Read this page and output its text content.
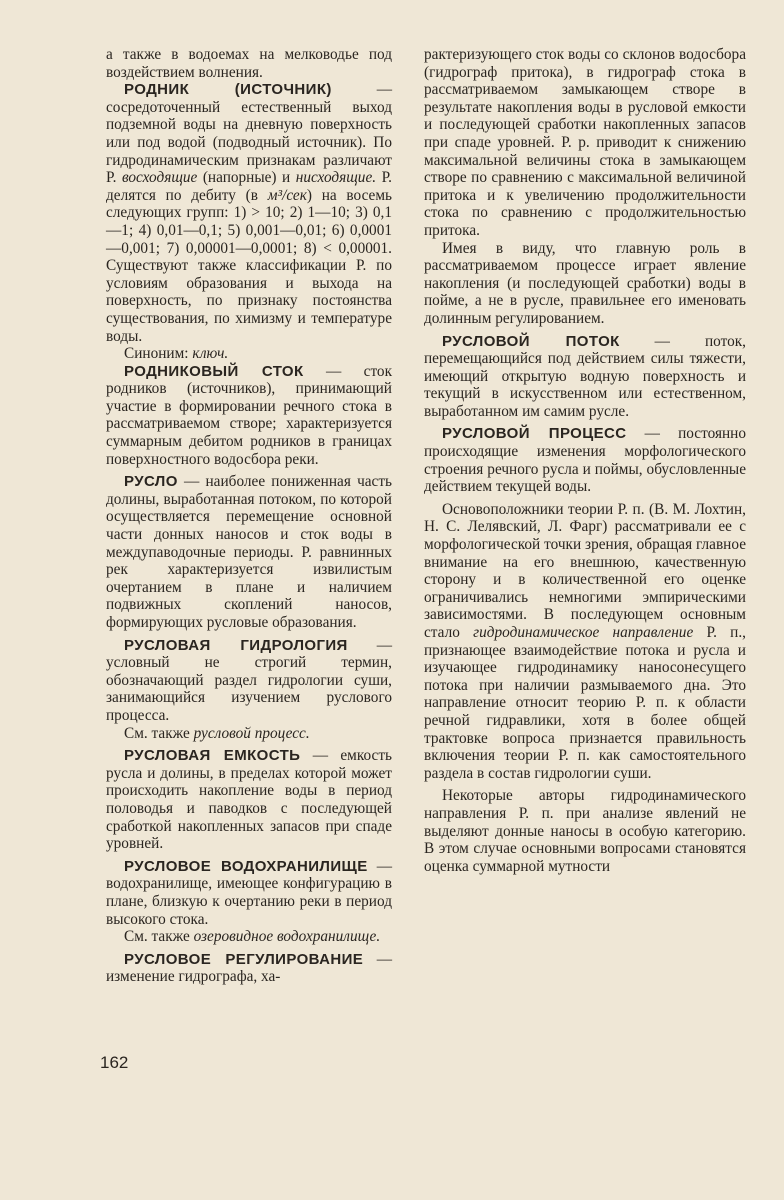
а также в водоемах на мелководье под воздействием волнения.

РОДНИК (ИСТОЧНИК)— сосредоточенный естественный выход подземной воды на дневную поверхность или под водой (подводный источник). По гидродинамическим признакам различают Р. восходящие (напорные) и нисходящие. Р. делятся по дебиту (в м³/сек) на восемь следующих групп: 1) > 10; 2) 1—10; 3) 0,1—1; 4) 0,01—0,1; 5) 0,001—0,01; 6) 0,0001—0,001; 7) 0,00001—0,0001; 8) < 0,00001. Существуют также классификации Р. по условиям образования и выхода на поверхность, по признаку постоянства существования, по химизму и температуре воды.

Синоним: ключ.

РОДНИКОВЫЙ СТОК	— сток родников (источников), принимающий участие в формировании речного стока в рассматриваемом створе; характеризуется суммарным дебитом родников в границах поверхностного водосбора реки.

РУСЛО — наиболее пониженная часть долины, выработанная потоком, по которой осуществляется перемещение основной части донных наносов и сток воды в междупаводочные периоды. Р. равнинных рек характеризуется извилистым очертанием в плане и наличием подвижных скоплений наносов, формирующих русловые образования.

РУСЛОВАЯ ГИДРОЛОГИЯ— условный не строгий термин, обозначающий раздел гидрологии суши, занимающийся изучением руслового процесса.

См. также русловой процесс.

РУСЛОВАЯ ЕМКОСТЬ	— емкость русла и долины, в пределах которой может происходить накопление воды в период половодья и паводков с последующей сработкой накопленных запасов при спаде уровней.

РУСЛОВОЕ ВОДОХРАНИЛИЩЕ— водохранилище, имеющее конфигурацию в плане, близкую к очертанию реки в период высокого стока.

См. также озеровидное водохранилище.

РУСЛОВОЕ РЕГУЛИРОВАНИЕ— изменение гидрографа, ха-

рактеризующего сток воды со склонов водосбора (гидрограф притока), в гидрограф стока в рассматриваемом замыкающем створе в результате накопления воды в русловой емкости и последующей сработки накопленных запасов при спаде уровней. Р. р. приводит к снижению максимальной величины стока в замыкающем створе по сравнению с максимальной величиной притока и к увеличению продолжительности стока по сравнению с продолжительностью притока.

Имея в виду, что главную роль в рассматриваемом процессе играет явление накопления (и последующей сработки) воды в пойме, а не в русле, правильнее его именовать долинным регулированием.

РУСЛОВОЙ ПОТОК	— поток, перемещающийся под действием силы тяжести, имеющий открытую водную поверхность и текущий в искусственном или естественном, выработанном им самим русле.

РУСЛОВОЙ ПРОЦЕСС	— постоянно происходящие изменения морфологического строения речного русла и поймы, обусловленные действием текущей воды.

Основоположники теории Р. п. (В. М. Лохтин, Н. С. Лелявский, Л. Фарг) рассматривали ее с морфологической точки зрения, обращая главное внимание на его внешнюю, качественную сторону и в количественной его оценке ограничивались немногими эмпирическими зависимостями. В последующем основным стало гидродинамическое направление Р. п., признающее взаимодействие потока и русла и изучающее гидродинамику наносонесущего потока при наличии размываемого дна. Это направление относит теорию Р. п. к области речной гидравлики, хотя в более общей трактовке вопроса признается правильность включения теории Р. п. как самостоятельного раздела в состав гидрологии суши.

Некоторые авторы гидродинамического направления Р. п. при анализе явлений не выделяют донные наносы в особую категорию. В этом случае основными вопросами становятся оценка суммарной мутности

162
